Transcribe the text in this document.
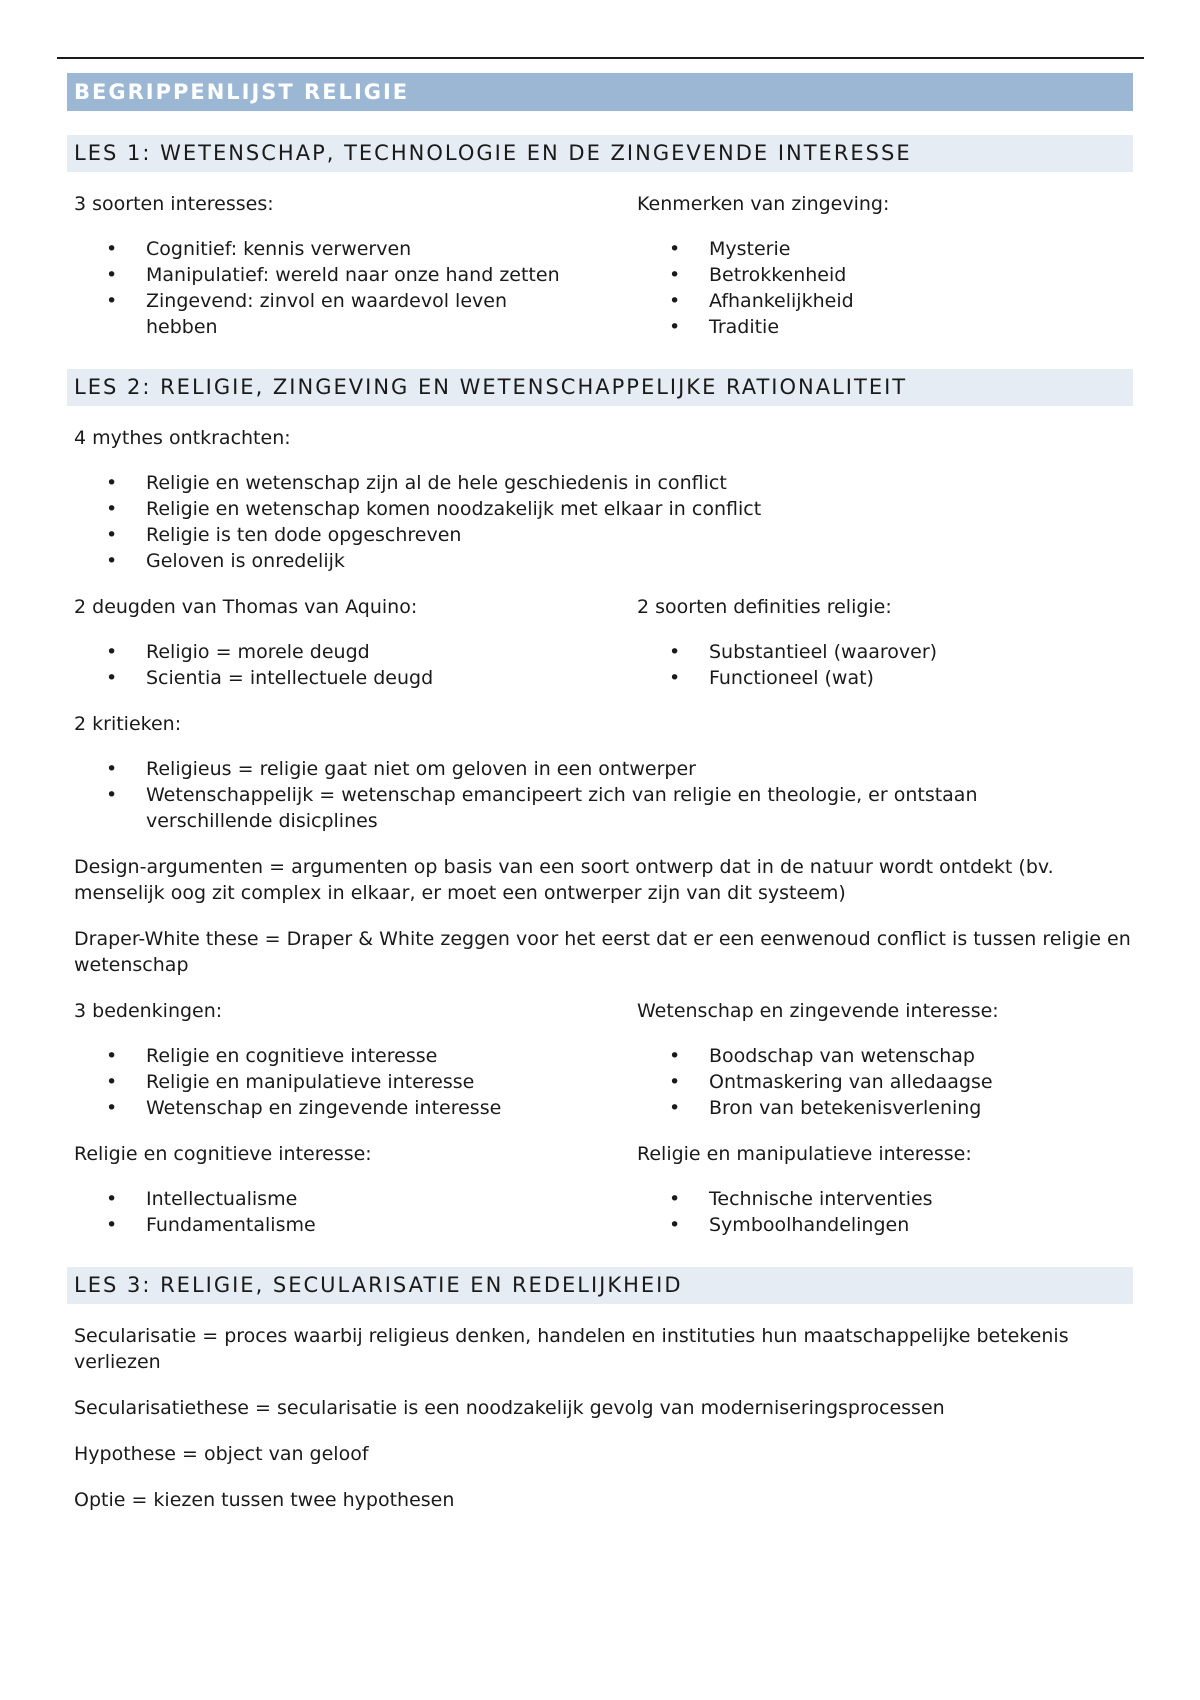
BEGRIPPENLIJST RELIGIE
LES 1: WETENSCHAP, TECHNOLOGIE EN DE ZINGEVENDE INTERESSE

3 soorten interesses:

• Cognitief: kennis verwerven
• Manipulatief: wereld naar onze hand zetten
• Zingevend: zinvol en waardevol leven hebben

Kenmerken van zingeving:

• Mysterie
• Betrokkenheid
• Afhankelijkheid
• Traditie
LES 2: RELIGIE, ZINGEVING EN WETENSCHAPPELIJKE RATIONALITEIT

4 mythes ontkrachten:

• Religie en wetenschap zijn al de hele geschiedenis in conflict
• Religie en wetenschap komen noodzakelijk met elkaar in conflict
• Religie is ten dode opgeschreven
• Geloven is onredelijk

2 deugden van Thomas van Aquino:

• Religio = morele deugd
• Scientia = intellectuele deugd

2 soorten definities religie:

• Substantieel (waarover)
• Functioneel (wat)

2 kritieken:

• Religieus = religie gaat niet om geloven in een ontwerper
• Wetenschappelijk = wetenschap emancipeert zich van religie en theologie, er ontstaan verschillende disicplines

Design-argumenten = argumenten op basis van een soort ontwerp dat in de natuur wordt ontdekt (bv. menselijk oog zit complex in elkaar, er moet een ontwerper zijn van dit systeem)

Draper-White these = Draper & White zeggen voor het eerst dat er een eenwenoud conflict is tussen religie en wetenschap

3 bedenkingen:

• Religie en cognitieve interesse
• Religie en manipulatieve interesse
• Wetenschap en zingevende interesse

Wetenschap en zingevende interesse:

• Boodschap van wetenschap
• Ontmaskering van alledaagse
• Bron van betekenisverlening

Religie en cognitieve interesse:

• Intellectualisme
• Fundamentalisme

Religie en manipulatieve interesse:

• Technische interventies
• Symboolhandelingen
LES 3: RELIGIE, SECULARISATIE EN REDELIJKHEID

Secularisatie = proces waarbij religieus denken, handelen en instituties hun maatschappelijke betekenis verliezen

Secularisatiethese = secularisatie is een noodzakelijk gevolg van moderniseringsprocessen

Hypothese = object van geloof

Optie = kiezen tussen twee hypothesen
